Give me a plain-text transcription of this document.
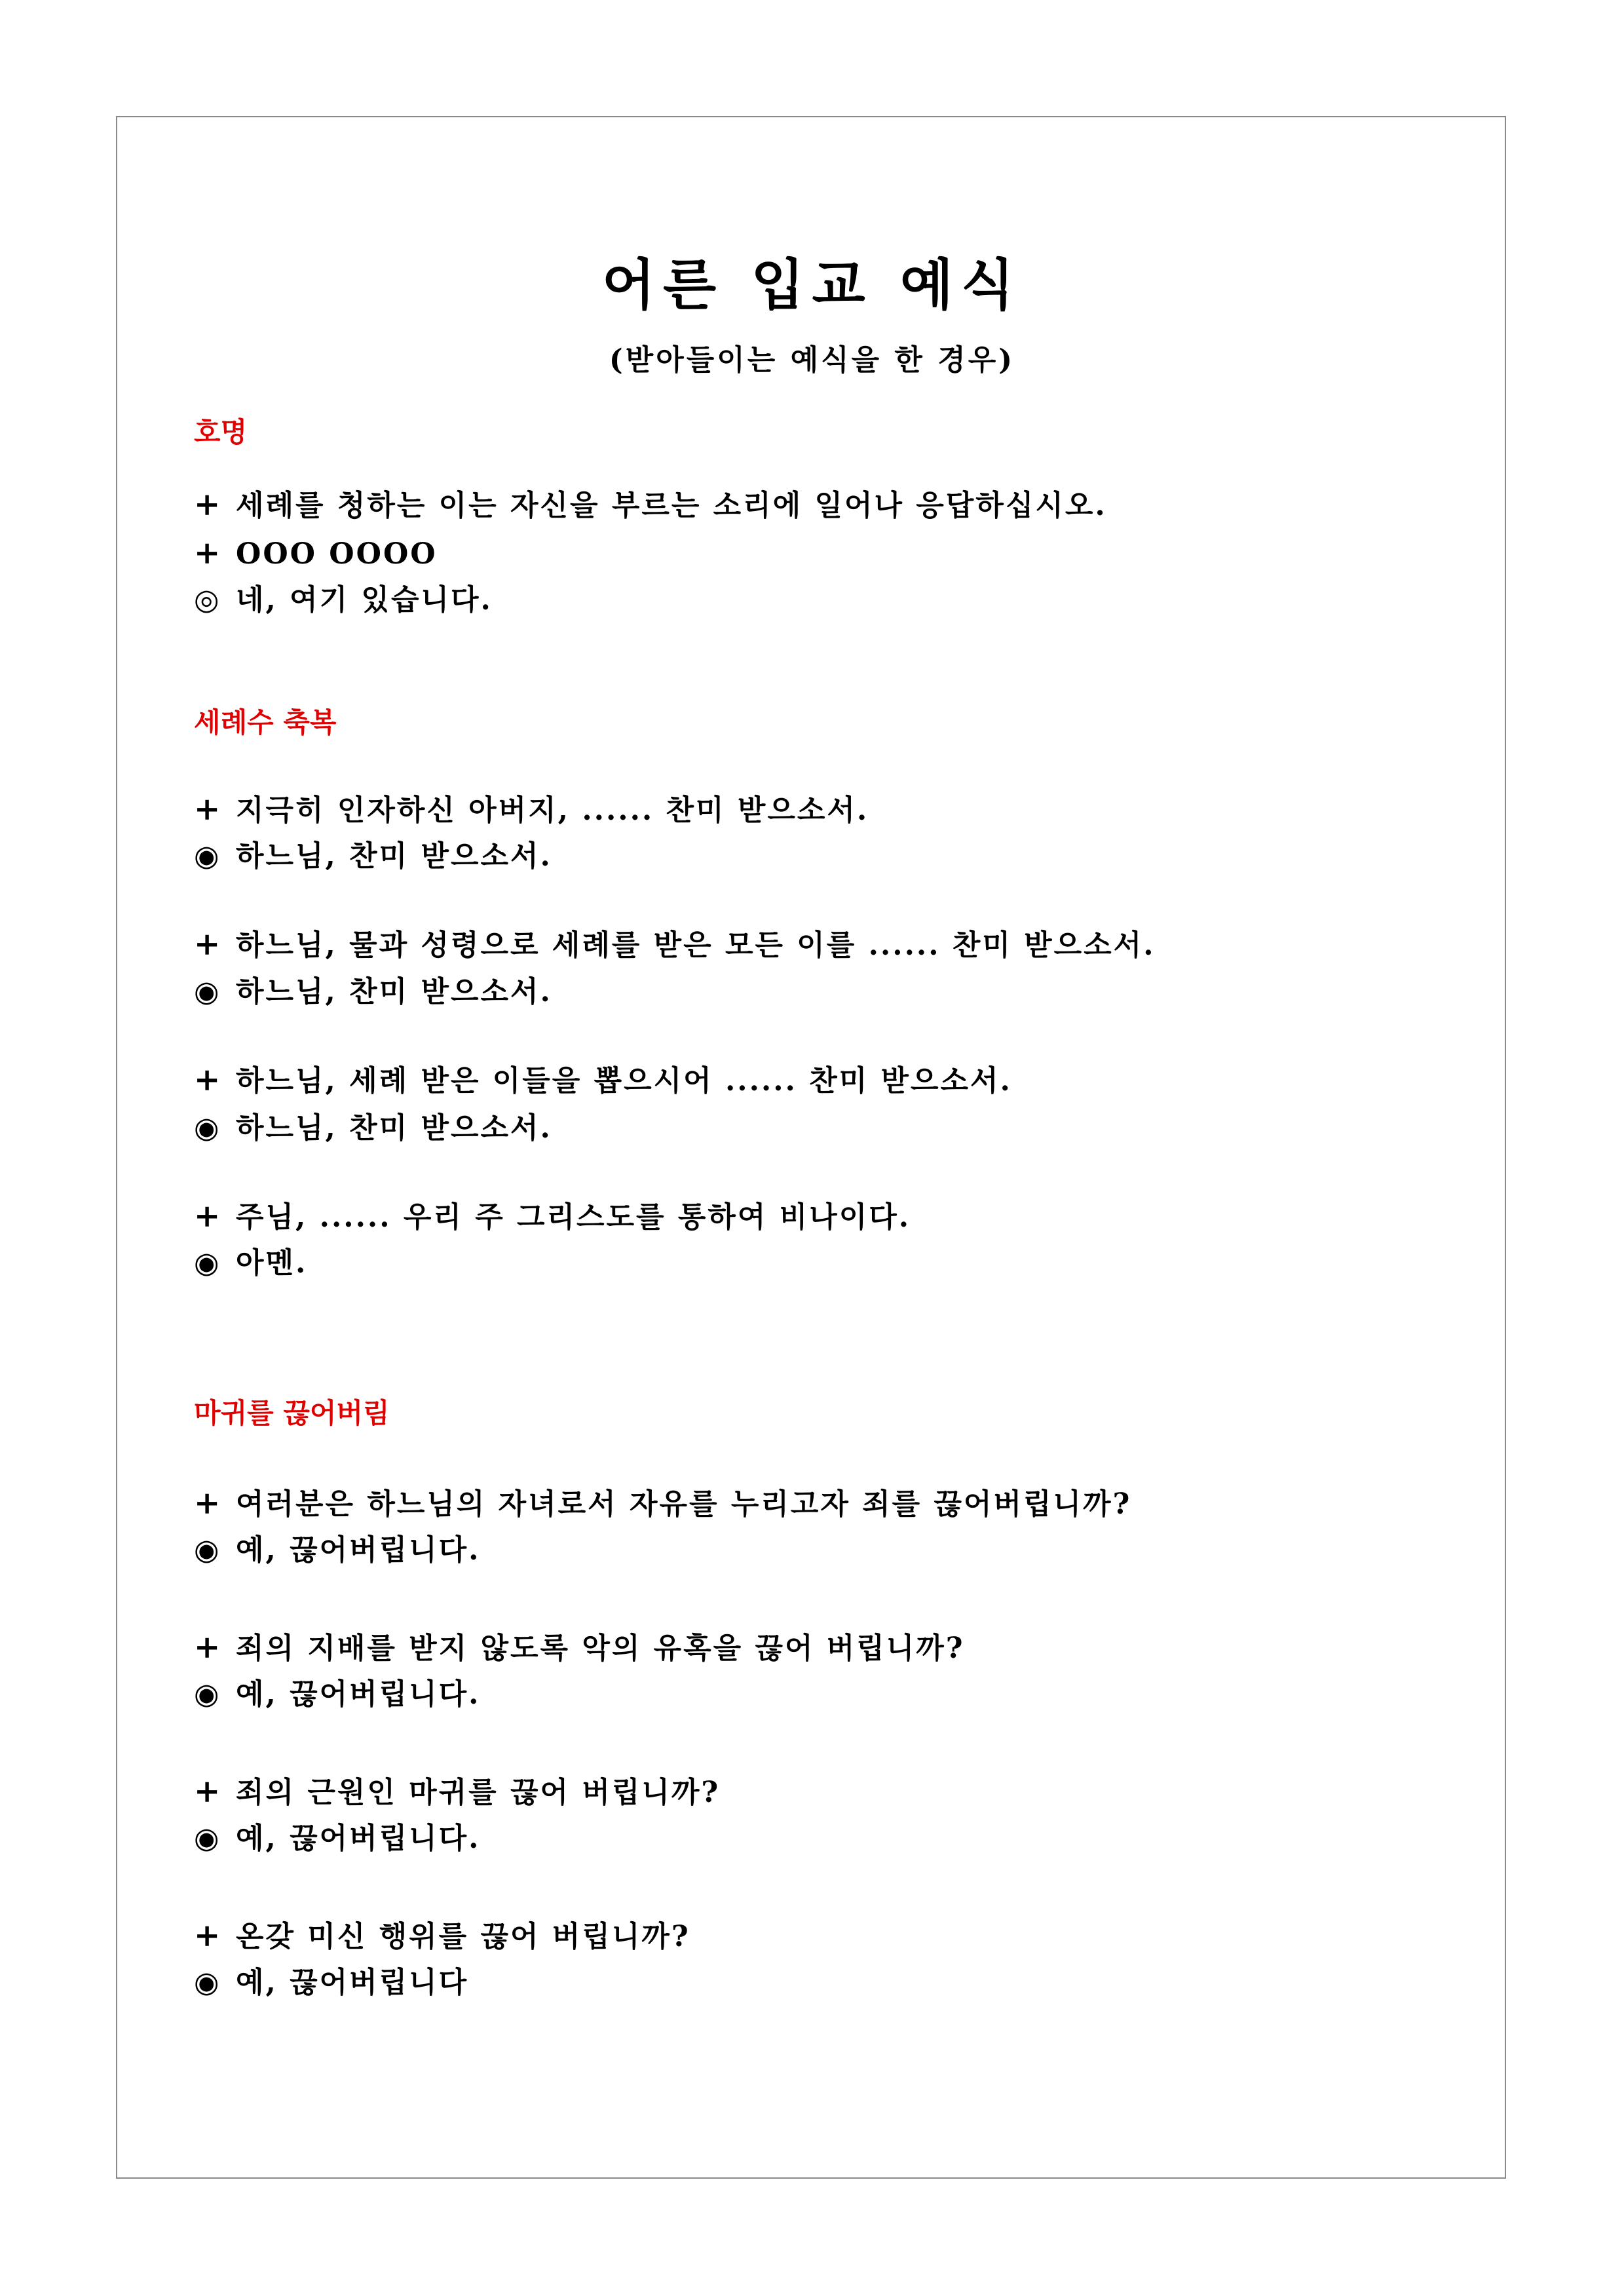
어른 입교 예식
(받아들이는 예식을 한 경우)
호명
+ 세례를 청하는 이는 자신을 부르는 소리에 일어나 응답하십시오.
+ OOO OOOO
◎ 네, 여기 있습니다.
세례수 축복
+ 지극히 인자하신 아버지, ...... 찬미 받으소서.
◉ 하느님, 찬미 받으소서.
+ 하느님, 물과 성령으로 세례를 받은 모든 이를 ...... 찬미 받으소서.
◉ 하느님, 찬미 받으소서.
+ 하느님, 세례 받은 이들을 뽑으시어 ...... 찬미 받으소서.
◉ 하느님, 찬미 받으소서.
+ 주님, ...... 우리 주 그리스도를 통하여 비나이다.
◉ 아멘.
마귀를 끊어버림
+ 여러분은 하느님의 자녀로서 자유를 누리고자 죄를 끊어버립니까?
◉ 예, 끊어버립니다.
+ 죄의 지배를 받지 않도록 악의 유혹을 끊어 버립니까?
◉ 예, 끊어버립니다.
+ 죄의 근원인 마귀를 끊어 버립니까?
◉ 예, 끊어버립니다.
+ 온갖 미신 행위를 끊어 버립니까?
◉ 예, 끊어버립니다
